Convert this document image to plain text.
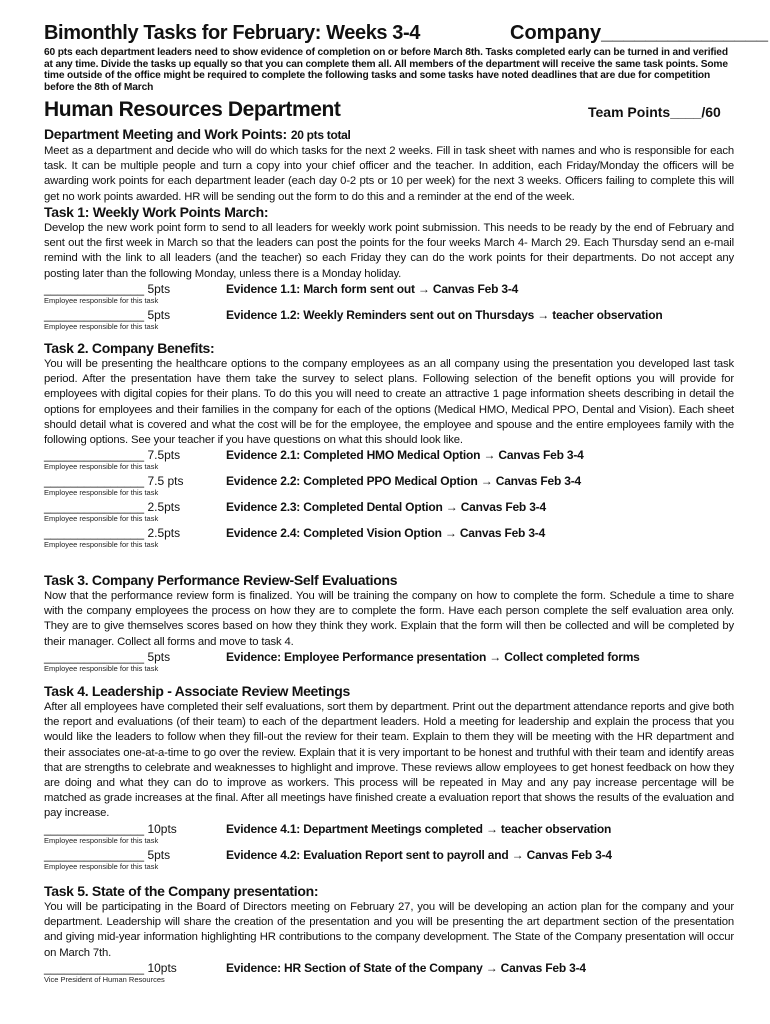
Bimonthly Tasks for February: Weeks 3-4	Company_______________
60 pts each department leaders need to show evidence of completion on or before March 8th. Tasks completed early can be turned in and verified at any time. Divide the tasks up equally so that you can complete them all. All members of the department will receive the same task points. Some time outside of the office might be required to complete the following tasks and some tasks have noted deadlines that are due for competition before the 8th of March
Human Resources Department	Team Points____/60
Department Meeting and Work Points: 20 pts total
Meet as a department and decide who will do which tasks for the next 2 weeks. Fill in task sheet with names and who is responsible for each task. It can be multiple people and turn a copy into your chief officer and the teacher. In addition, each Friday/Monday the officers will be awarding work points for each department leader (each day 0-2 pts or 10 per week) for the next 3 weeks. Officers failing to complete this will get no work points awarded. HR will be sending out the form to do this and a reminder at the end of the week.
Task 1: Weekly Work Points March:
Develop the new work point form to send to all leaders for weekly work point submission. This needs to be ready by the end of February and sent out the first week in March so that the leaders can post the points for the four weeks March 4- March 29. Each Thursday send an e-mail remind with the link to all leaders (and the teacher) so each Friday they can do the work points for their departments. Do not accept any posting later than the following Monday, unless there is a Monday holiday.
_______________ 5pts	Evidence 1.1: March form sent out → Canvas Feb 3-4
Employee responsible for this task
_______________ 5pts	Evidence 1.2: Weekly Reminders sent out on Thursdays → teacher observation
Employee responsible for this task
Task 2. Company Benefits:
You will be presenting the healthcare options to the company employees as an all company using the presentation you developed last task period. After the presentation have them take the survey to select plans. Following selection of the benefit options you will provide for employees with digital copies for their plans. To do this you will need to create an attractive 1 page information sheets describing in detail the options for employees and their families in the company for each of the options (Medical HMO, Medical PPO, Dental and Vision). Each sheet should detail what is covered and what the cost will be for the employee, the employee and spouse and the entire employees family with the following options. See your teacher if you have questions on what this should look like.
_______________ 7.5pts	Evidence 2.1: Completed HMO Medical Option → Canvas Feb 3-4
Employee responsible for this task
_______________ 7.5 pts	Evidence 2.2: Completed PPO Medical Option → Canvas Feb 3-4
Employee responsible for this task
_______________ 2.5pts	Evidence 2.3: Completed Dental Option → Canvas Feb 3-4
Employee responsible for this task
_______________ 2.5pts	Evidence 2.4: Completed Vision Option → Canvas Feb 3-4
Employee responsible for this task
Task 3. Company Performance Review-Self Evaluations
Now that the performance review form is finalized. You will be training the company on how to complete the form. Schedule a time to share with the company employees the process on how they are to complete the form. Have each person complete the self evaluation area only. They are to give themselves scores based on how they think they work. Explain that the form will then be collected and will be completed by their manager. Collect all forms and move to task 4.
_______________ 5pts	Evidence: Employee Performance presentation → Collect completed forms
Employee responsible for this task
Task 4. Leadership - Associate Review Meetings
After all employees have completed their self evaluations, sort them by department. Print out the department attendance reports and give both the report and evaluations (of their team) to each of the department leaders. Hold a meeting for leadership and explain the process that you would like the leaders to follow when they fill-out the review for their team. Explain to them they will be meeting with the HR department and their associates one-at-a-time to go over the review. Explain that it is very important to be honest and truthful with their team and identify areas that are strengths to celebrate and weaknesses to highlight and improve. These reviews allow employees to get honest feedback on how they are doing and what they can do to improve as workers. This process will be repeated in May and any pay increase percentage will be matched as grade increases at the final. After all meetings have finished create a evaluation report that shows the results of the evaluation and pay increase.
_______________ 10pts	Evidence 4.1: Department Meetings completed → teacher observation
Employee responsible for this task
_______________ 5pts	Evidence 4.2: Evaluation Report sent to payroll and → Canvas Feb 3-4
Employee responsible for this task
Task 5. State of the Company presentation:
You will be participating in the Board of Directors meeting on February 27, you will be developing an action plan for the company and your department. Leadership will share the creation of the presentation and you will be presenting the art department section of the presentation and giving mid-year information highlighting HR contributions to the company development. The State of the Company presentation will occur on March 7th.
_______________ 10pts	Evidence: HR Section of State of the Company → Canvas Feb 3-4
Vice President of Human Resources
